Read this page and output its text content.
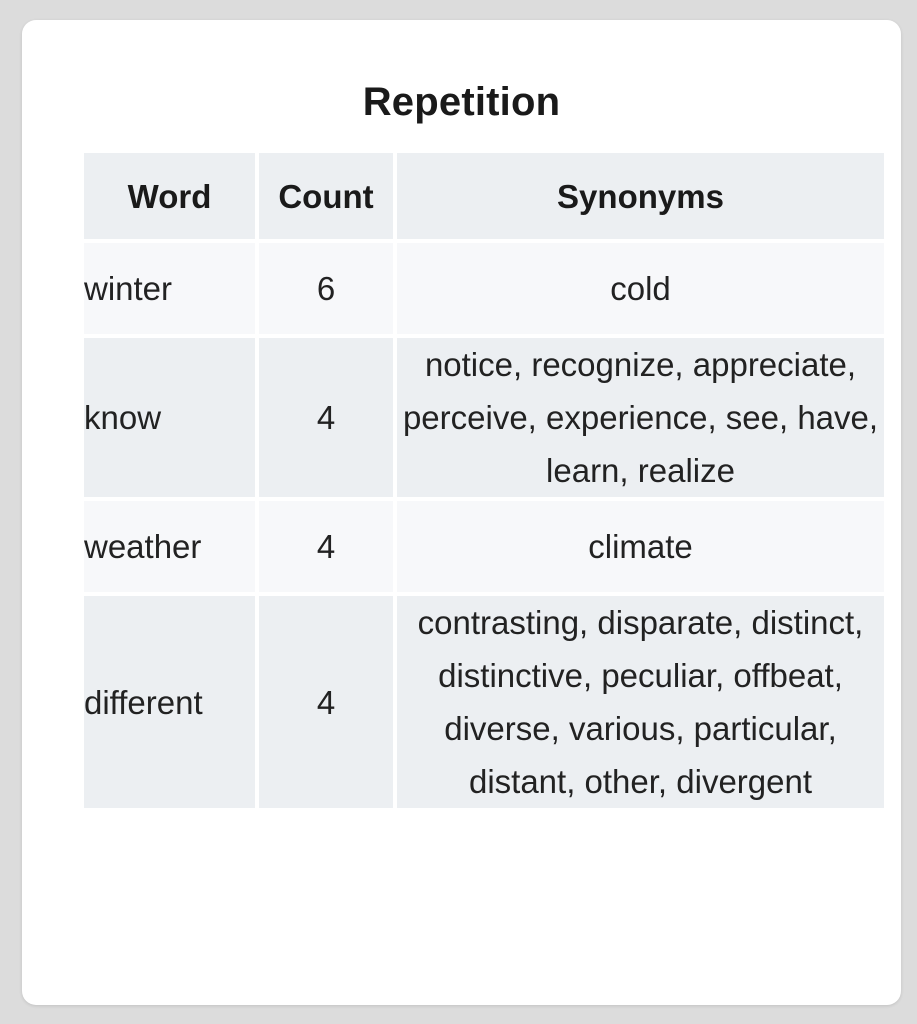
Repetition
Word	Count	Synonyms
winter	6	cold
know	4	notice, recognize, appreciate, perceive, experience, see, have, learn, realize
weather	4	climate
different	4	contrasting, disparate, distinct, distinctive, peculiar, offbeat, diverse, various, particular, distant, other, divergent
